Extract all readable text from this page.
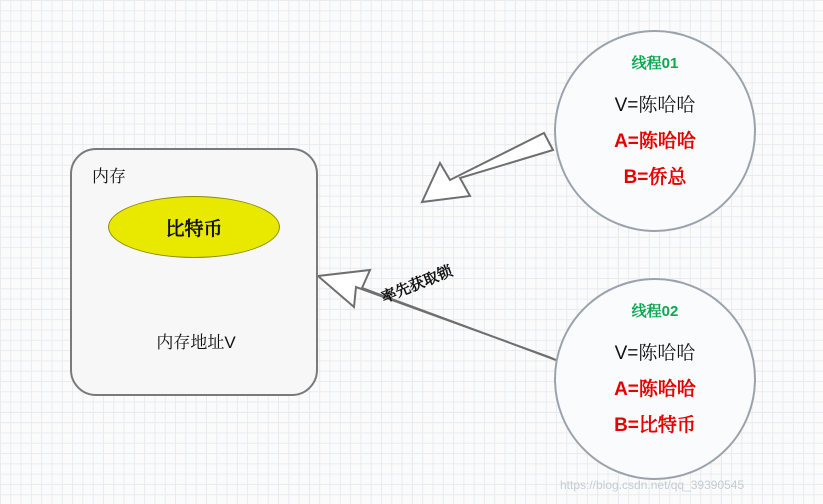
内存
比特币
内存地址V
线程01
V=陈哈哈
A=陈哈哈
B=侨总
线程02
V=陈哈哈
A=陈哈哈
B=比特币
率先获取锁
https://blog.csdn.net/qq_39390545
